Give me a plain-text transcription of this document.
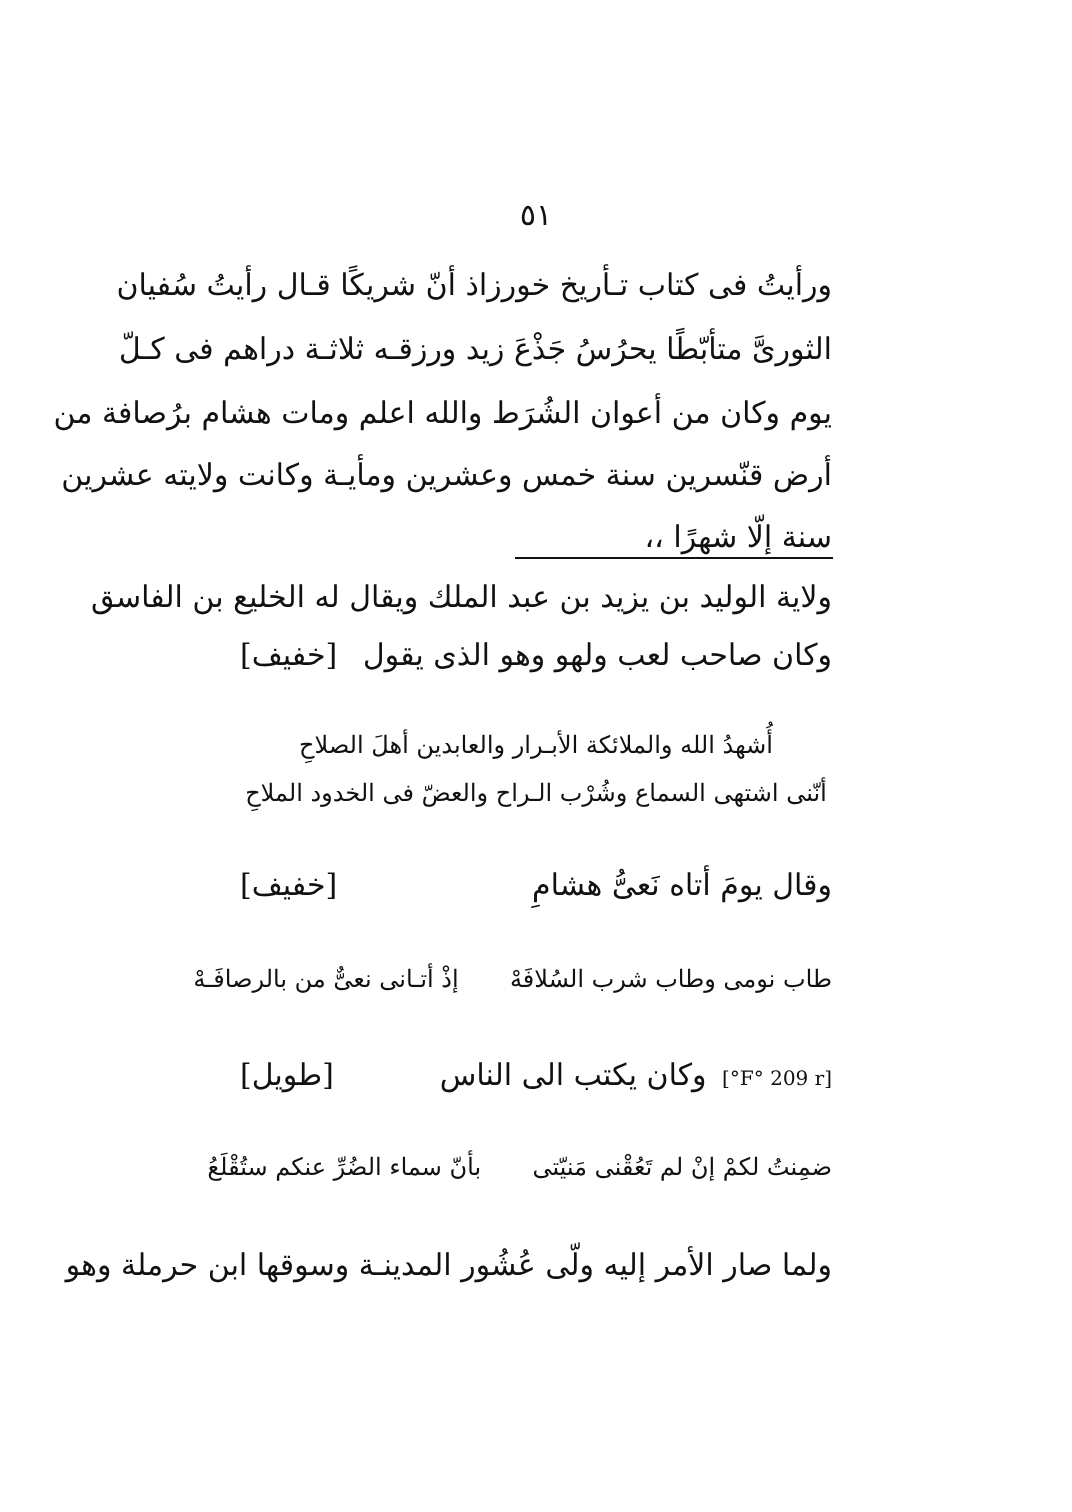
٥١
ورأيتُ فى كتاب تـأريخ خورزاذ أنّ شريكًا قـال رأيتُ سُفيان
الثورىَّ متأبّطًا يحرُسُ جَذْعَ زيد ورزقـه ثلاثـة دراهم فى كـلّ
يوم وكان من أعوان الشُرَط والله اعلم ومات هشام برُصافة من
أرض قنّسرين سنة خمس وعشرين ومأيـة وكانت ولايته عشرين
سنة إلّا شهرًا ،،
ولاية الوليد بن يزيد بن عبد الملك ويقال له الخليع بن الفاسق
وكان صاحب لعب ولهو وهو الذى يقول
[خفيف]
أُشهدُ الله والملائكة الأبـرار والعابدين أهلَ الصلاحِ
أنّنى اشتهى السماع وشُرْب الـراح والعضّ فى الخدود الملاحِ
وقال يومَ أتاه نَعىُّ هشامِ
[خفيف]
طاب نومى وطاب شرب السُلافَهْ  إذْ أتـانى نعىٌّ من بالرصافَـهْ
[F° 209 r°] وكان يكتب الى الناس
[طويل]
ضمِنتُ لكمْ إنْ لم تَعُقْنى مَنيّتى  بأنّ سماء الضُرِّ عنكم ستُقْلَعُ
ولما صار الأمر إليه ولّى عُشُور المدينـة وسوقها ابن حرملة وهو
